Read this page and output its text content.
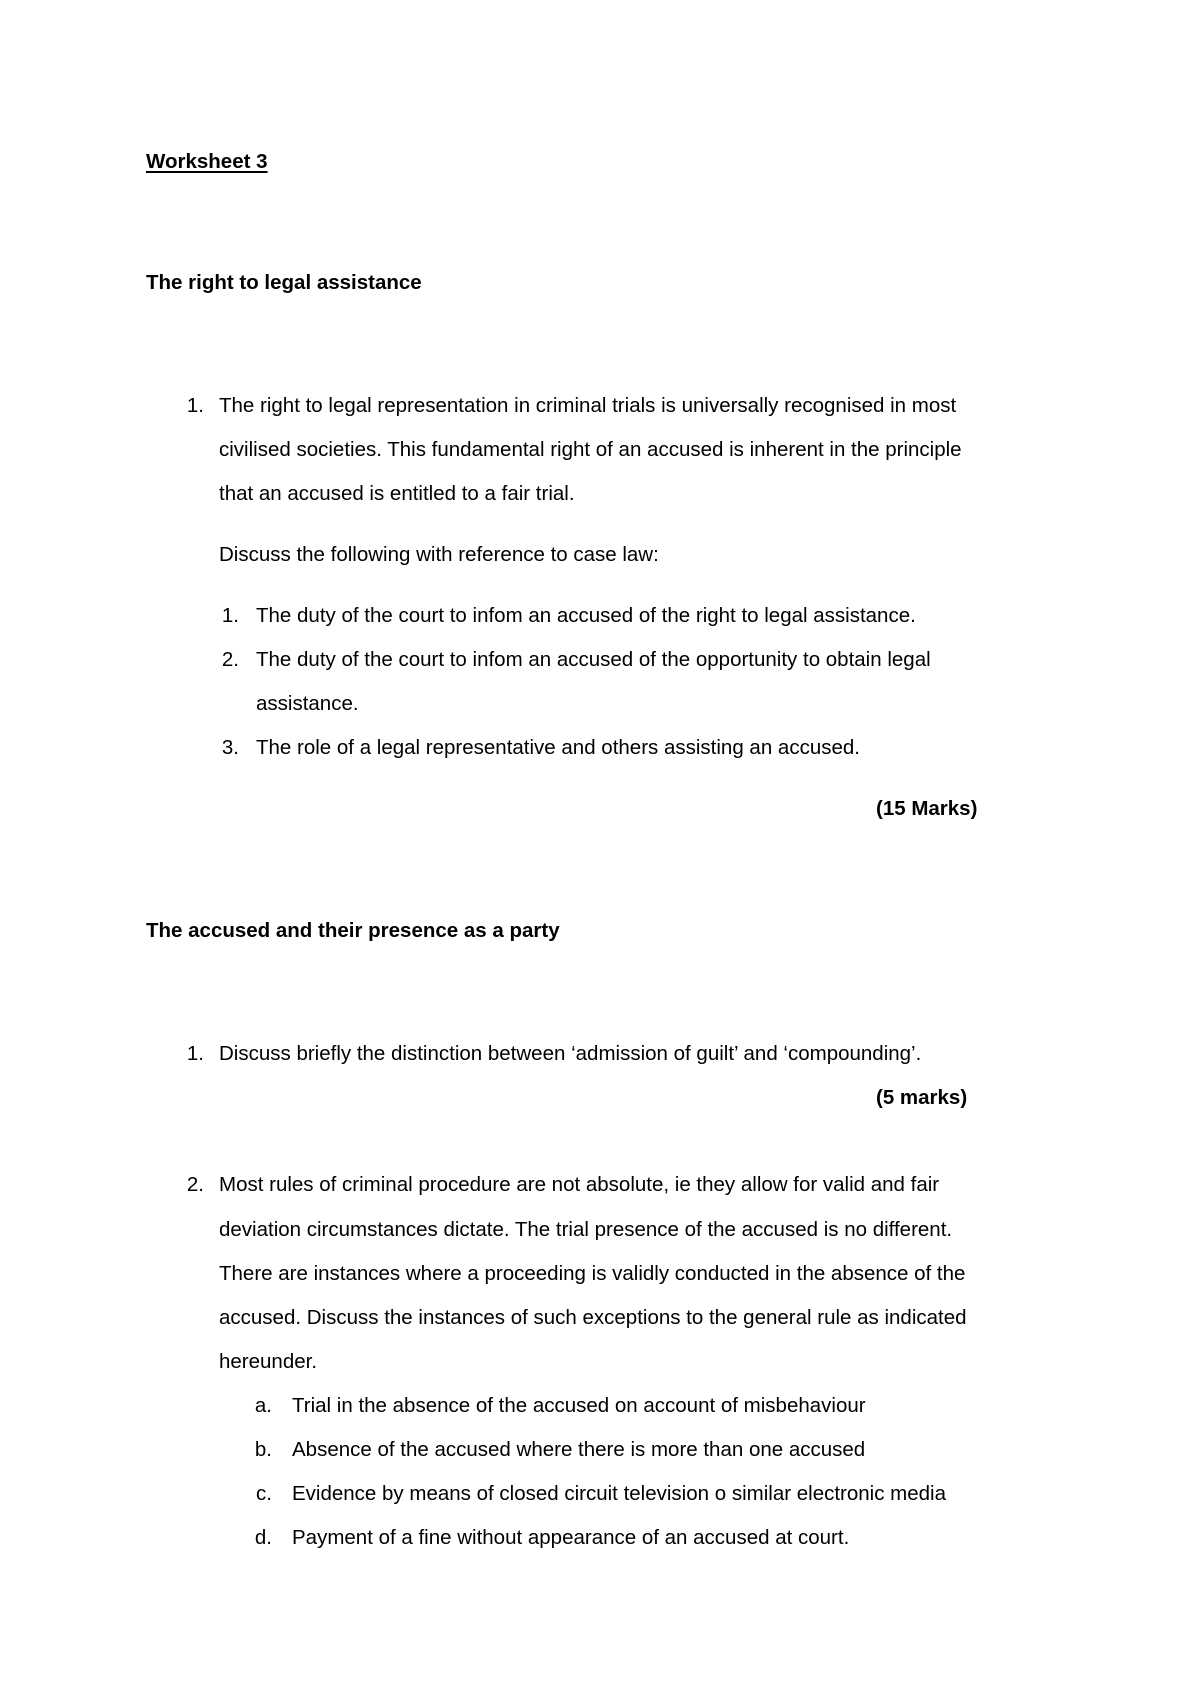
Worksheet 3
The right to legal assistance
1. The right to legal representation in criminal trials is universally recognised in most
civilised societies. This fundamental right of an accused is inherent in the principle
that an accused is entitled to a fair trial.
Discuss the following with reference to case law:
1. The duty of the court to infom an accused of the right to legal assistance.
2. The duty of the court to infom an accused of the opportunity to obtain legal
assistance.
3. The role of a legal representative and others assisting an accused.
(15 Marks)
The accused and their presence as a party
1. Discuss briefly the distinction between ‘admission of guilt’ and ‘compounding’.
(5 marks)
2. Most rules of criminal procedure are not absolute, ie they allow for valid and fair
deviation circumstances dictate. The trial presence of the accused is no different.
There are instances where a proceeding is validly conducted in the absence of the
accused. Discuss the instances of such exceptions to the general rule as indicated
hereunder.
a. Trial in the absence of the accused on account of misbehaviour
b. Absence of the accused where there is more than one accused
c. Evidence by means of closed circuit television o similar electronic media
d. Payment of a fine without appearance of an accused at court.
